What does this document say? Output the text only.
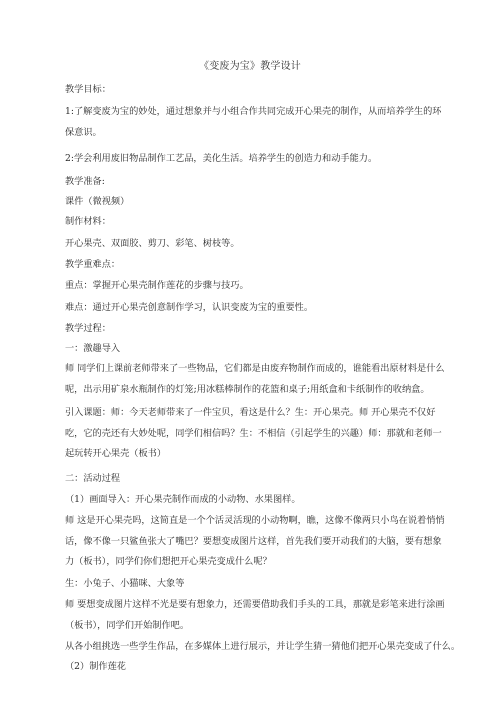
《变废为宝》教学设计
教学目标：
1:了解变废为宝的妙处，通过想象并与小组合作共同完成开心果壳的制作，从而培养学生的环保意识。
2:学会利用废旧物品制作工艺品，美化生活。培养学生的创造力和动手能力。
教学准备:
课件（微视频）
制作材料：
开心果壳、双面胶、剪刀、彩笔、树枝等。
教学重难点：
重点：掌握开心果壳制作莲花的步骤与技巧。
难点：通过开心果壳创意制作学习，认识变废为宝的重要性。
教学过程：
一：激趣导入
师 同学们上课前老师带来了一些物品，它们都是由废弃物制作而成的，谁能看出原材料是什么呢，出示用矿泉水瓶制作的灯笼;用冰糕棒制作的花篮和桌子;用纸盒和卡纸制作的收纳盒。
引入课题：师：今天老师带来了一件宝贝，看这是什么？生：开心果壳。师 开心果壳不仅好吃，它的壳还有大妙处呢，同学们相信吗？生：不相信（引起学生的兴趣）师：那就和老师一起玩转开心果壳（板书）
二：活动过程
（1）画面导入：开心果壳制作而成的小动物、水果图样。
师 这是开心果壳吗，这简直是一个个活灵活现的小动物啊，瞧，这像不像两只小鸟在说着悄悄话，像不像一只鲨鱼张大了嘴巴？要想变成图片这样，首先我们要开动我们的大脑，要有想象力（板书），同学们你们想把开心果壳变成什么呢？
生：小兔子、小猫咪、大象等
师 要想变成图片这样不光是要有想象力，还需要借助我们手头的工具，那就是彩笔来进行涂画（板书），同学们开始制作吧。
从各小组挑选一些学生作品，在多媒体上进行展示，并让学生猜一猜他们把开心果壳变成了什么。
（2）制作莲花
